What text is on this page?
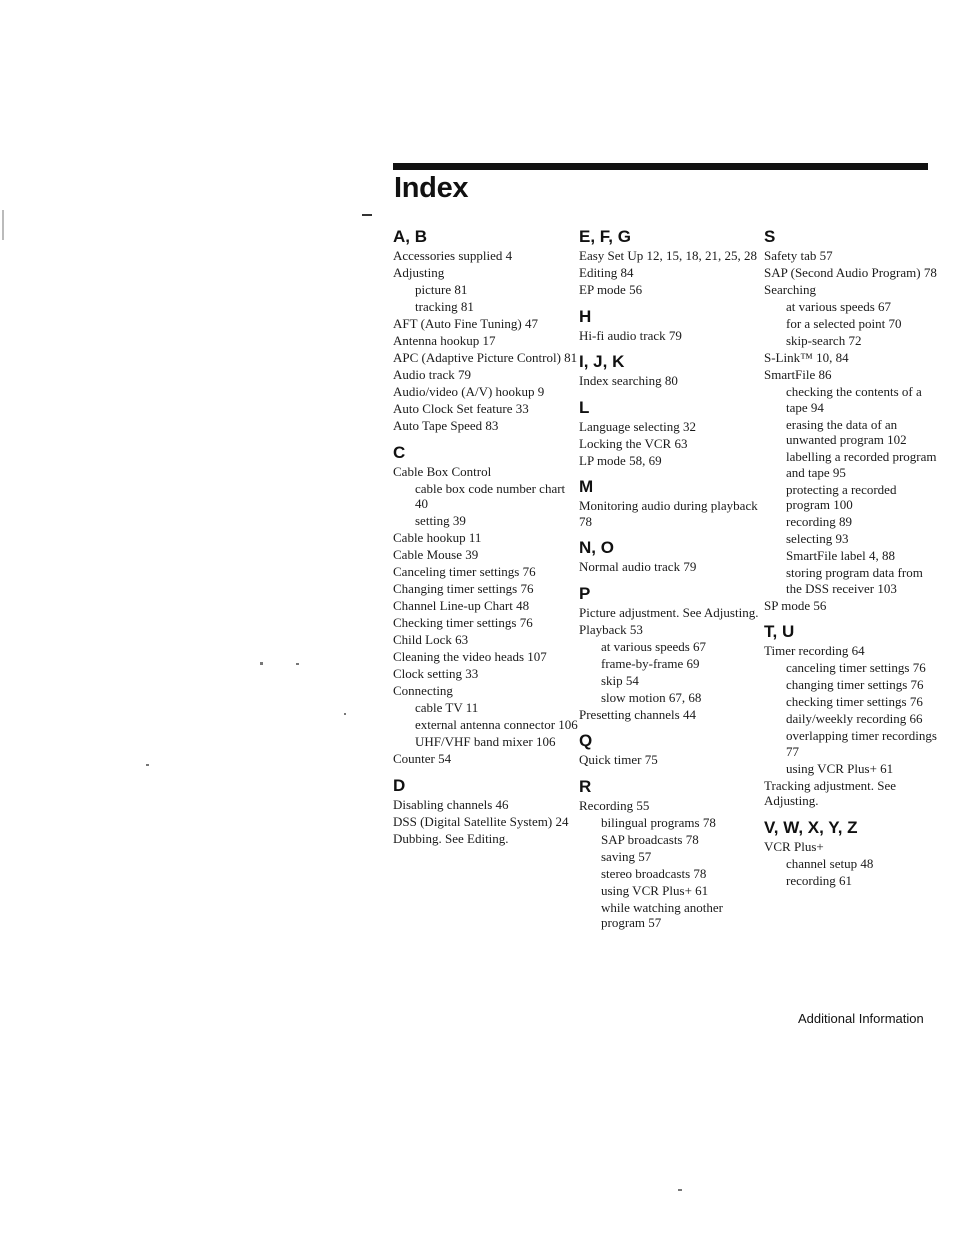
Index
A, B
Accessories supplied 4
Adjusting
picture 81
tracking 81
AFT (Auto Fine Tuning) 47
Antenna hookup 17
APC (Adaptive Picture Control) 81
Audio track 79
Audio/video (A/V) hookup 9
Auto Clock Set feature 33
Auto Tape Speed 83
C
Cable Box Control
cable box code number chart 40
setting 39
Cable hookup 11
Cable Mouse 39
Canceling timer settings 76
Changing timer settings 76
Channel Line-up Chart 48
Checking timer settings 76
Child Lock 63
Cleaning the video heads 107
Clock setting 33
Connecting
cable TV 11
external antenna connector 106
UHF/VHF band mixer 106
Counter 54
D
Disabling channels 46
DSS (Digital Satellite System) 24
Dubbing. See Editing.
E, F, G
Easy Set Up 12, 15, 18, 21, 25, 28
Editing 84
EP mode 56
H
Hi-fi audio track 79
I, J, K
Index searching 80
L
Language selecting 32
Locking the VCR 63
LP mode 58, 69
M
Monitoring audio during playback 78
N, O
Normal audio track 79
P
Picture adjustment. See Adjusting.
Playback 53
at various speeds 67
frame-by-frame 69
skip 54
slow motion 67, 68
Presetting channels 44
Q
Quick timer 75
R
Recording 55
bilingual programs 78
SAP broadcasts 78
saving 57
stereo broadcasts 78
using VCR Plus+ 61
while watching another program 57
S
Safety tab 57
SAP (Second Audio Program) 78
Searching
at various speeds 67
for a selected point 70
skip-search 72
S-Link™ 10, 84
SmartFile 86
checking the contents of a tape 94
erasing the data of an unwanted program 102
labelling a recorded program and tape 95
protecting a recorded program 100
recording 89
selecting 93
SmartFile label 4, 88
storing program data from the DSS receiver 103
SP mode 56
T, U
Timer recording 64
canceling timer settings 76
changing timer settings 76
checking timer settings 76
daily/weekly recording 66
overlapping timer recordings 77
using VCR Plus+ 61
Tracking adjustment. See Adjusting.
V, W, X, Y, Z
VCR Plus+
channel setup 48
recording 61
Additional Information
